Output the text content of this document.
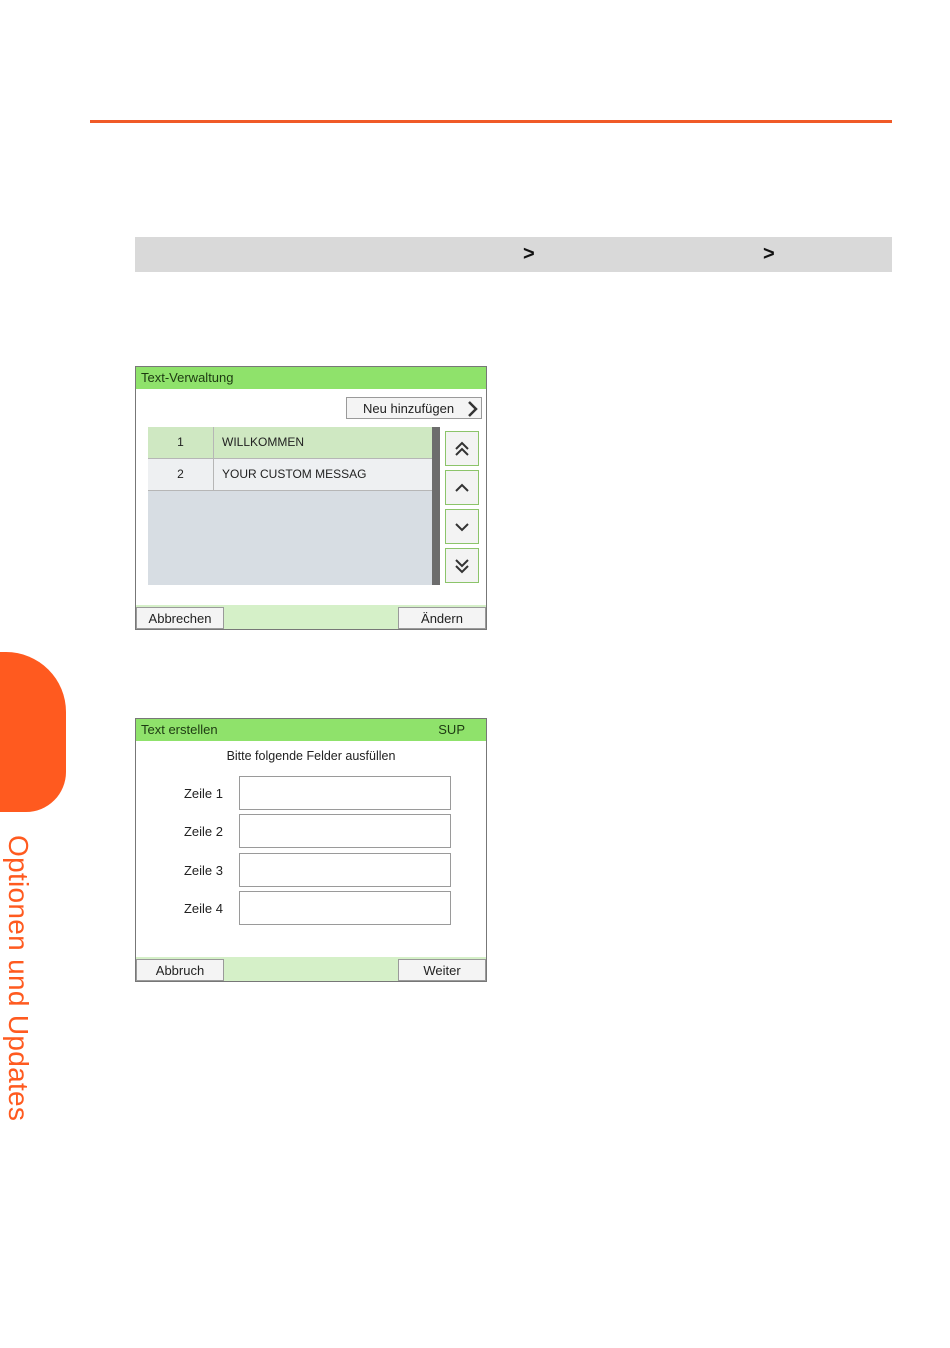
>	>
Text-Verwaltung
Neu hinzufügen
1	WILLKOMMEN
2	YOUR CUSTOM MESSAG
Abbrechen	Ändern
Text erstellen	SUP
Bitte folgende Felder ausfüllen
Zeile 1
Zeile 2
Zeile 3
Zeile 4
Abbruch	Weiter
Optionen und Updates
